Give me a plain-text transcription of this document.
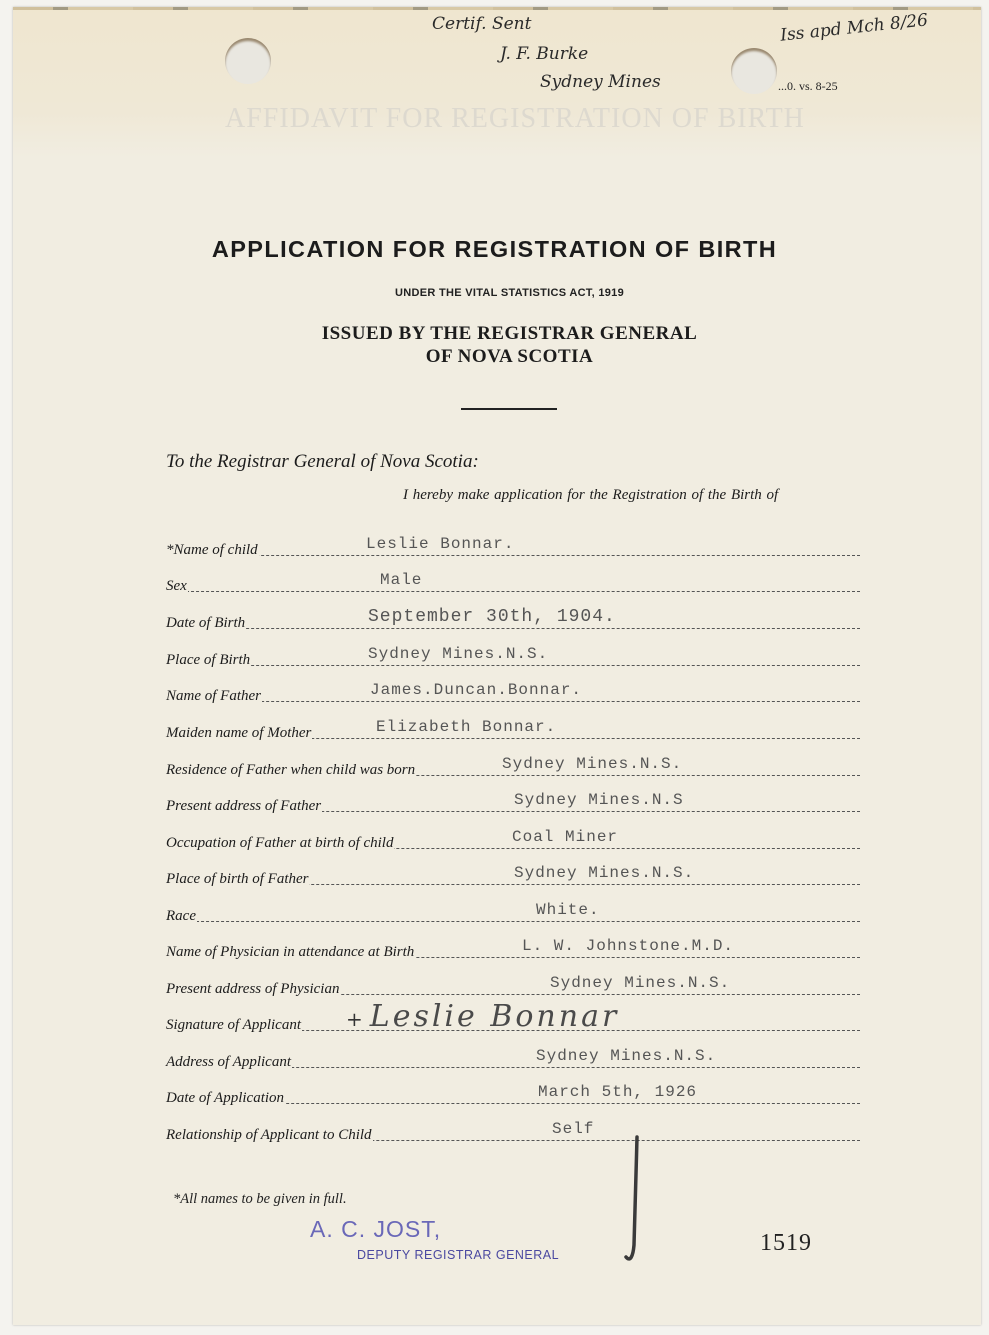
AFFIDAVIT FOR REGISTRATION OF BIRTH
Certif. Sent
J. F. Burke
Sydney Mines
Iss apd Mch 8/26
...0. vs. 8-25
APPLICATION FOR REGISTRATION OF BIRTH
UNDER THE VITAL STATISTICS ACT, 1919
ISSUED BY THE REGISTRAR GENERAL
OF NOVA SCOTIA
To the Registrar General of Nova Scotia:
I hereby make application for the Registration of the Birth of
*Name of child	Leslie Bonnar.
Sex	Male
Date of Birth	September 30th, 1904.
Place of Birth	Sydney Mines.N.S.
Name of Father	James.Duncan.Bonnar.
Maiden name of Mother	Elizabeth Bonnar.
Residence of Father when child was born	Sydney Mines.N.S.
Present address of Father	Sydney Mines.N.S
Occupation of Father at birth of child	Coal Miner
Place of birth of Father	Sydney Mines.N.S.
Race	White.
Name of Physician in attendance at Birth	L. W. Johnstone.M.D.
Present address of Physician	Sydney Mines.N.S.
Signature of Applicant + Leslie Bonnar
Address of Applicant	Sydney Mines.N.S.
Date of Application	March 5th, 1926
Relationship of Applicant to Child	Self
*All names to be given in full.
A. C. JOST,
DEPUTY REGISTRAR GENERAL	1519
